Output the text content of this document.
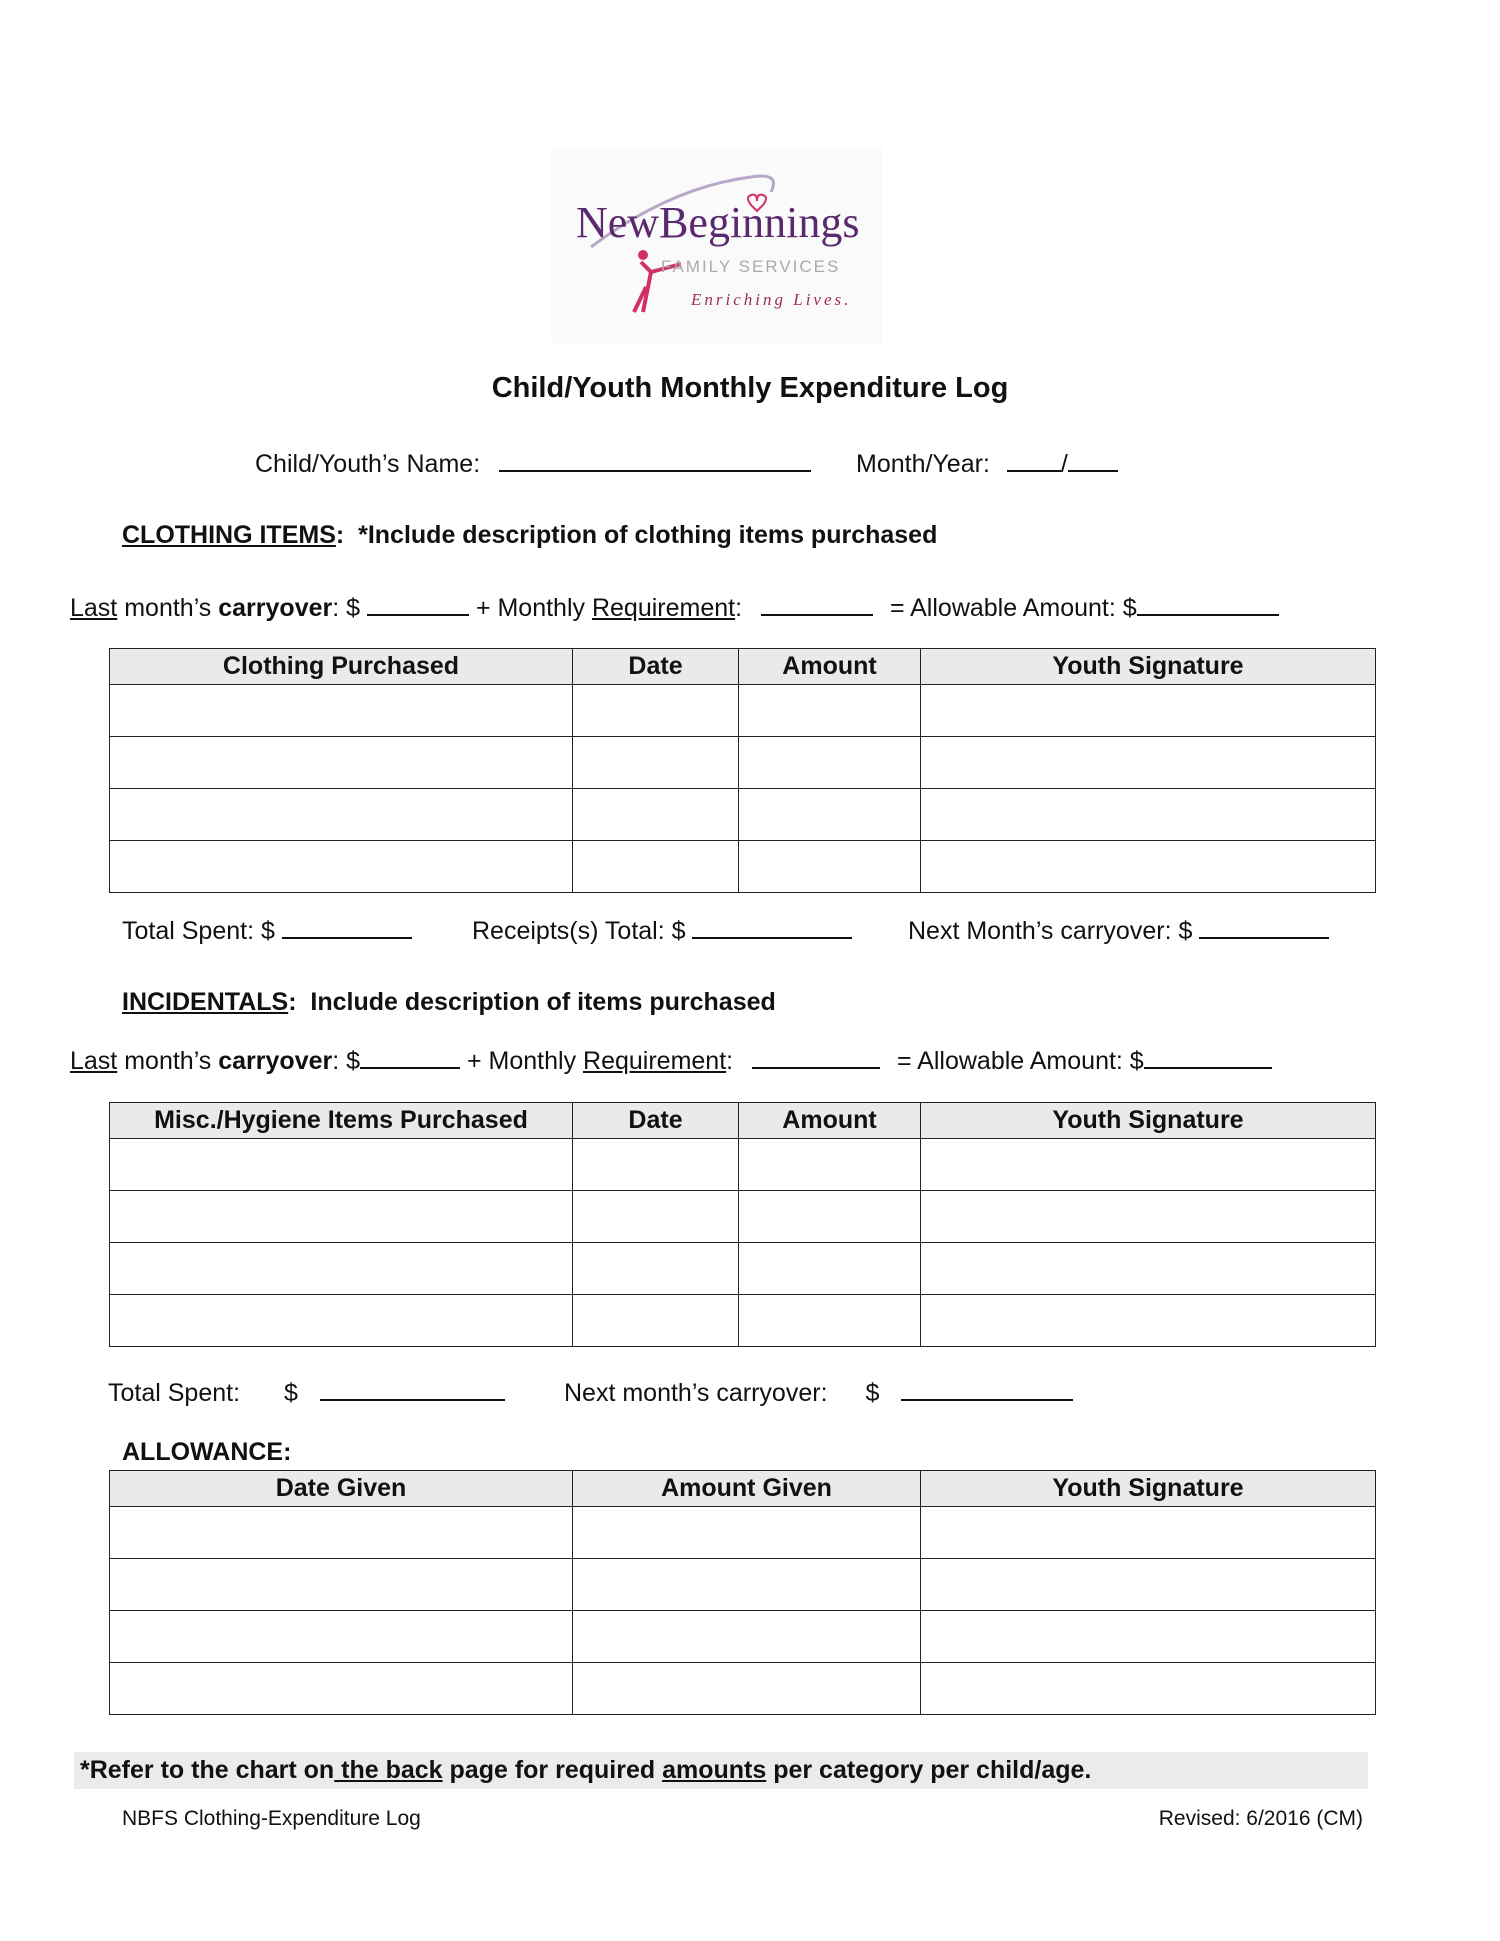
NewBeginnings
FAMILY SERVICES
Enriching Lives.
Child/Youth Monthly Expenditure Log
Child/Youth’s Name:	Month/Year:	/
CLOTHING ITEMS:  *Include description of clothing items purchased
Last month’s carryover: $	+ Monthly Requirement:	= Allowable Amount: $
Clothing Purchased	Date	Amount	Youth Signature

Total Spent: $	Receipts(s) Total: $	Next Month’s carryover: $
INCIDENTALS:  Include description of items purchased
Last month’s carryover: $	+ Monthly Requirement:	= Allowable Amount: $
Misc./Hygiene Items Purchased	Date	Amount	Youth Signature

Total Spent: $	Next month’s carryover: $
ALLOWANCE:
Date Given	Amount Given	Youth Signature

*Refer to the chart on the back page for required amounts per category per child/age.
NBFS Clothing-Expenditure Log	Revised: 6/2016 (CM)
